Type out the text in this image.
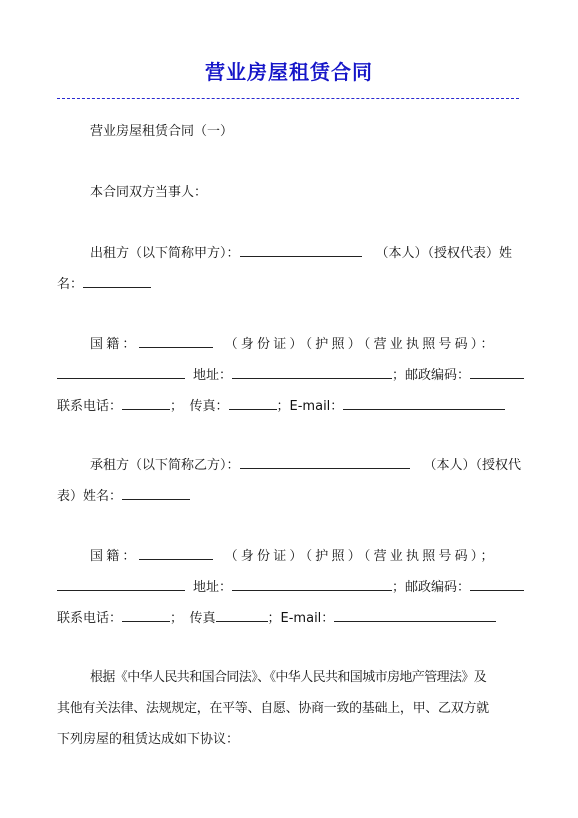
营业房屋租赁合同
营业房屋租赁合同（一）
本合同双方当事人：
出租方（以下简称甲方）：	（本人）（授权代表）姓
名：
国籍：	（身份证）（护照）（营业执照号码）：
地址：	；邮政编码：
联系电话：	；　传真：	；E-mail：
承租方（以下简称乙方）：	（本人）（授权代
表）姓名：
国籍：	（身份证）（护照）（营业执照号码）；
地址：	；邮政编码：
联系电话：	；　传真	；E-mail：
根据《中华人民共和国合同法》、《中华人民共和国城市房地产管理法》及
其他有关法律、法规规定，在平等、自愿、协商一致的基础上，甲、乙双方就
下列房屋的租赁达成如下协议：
